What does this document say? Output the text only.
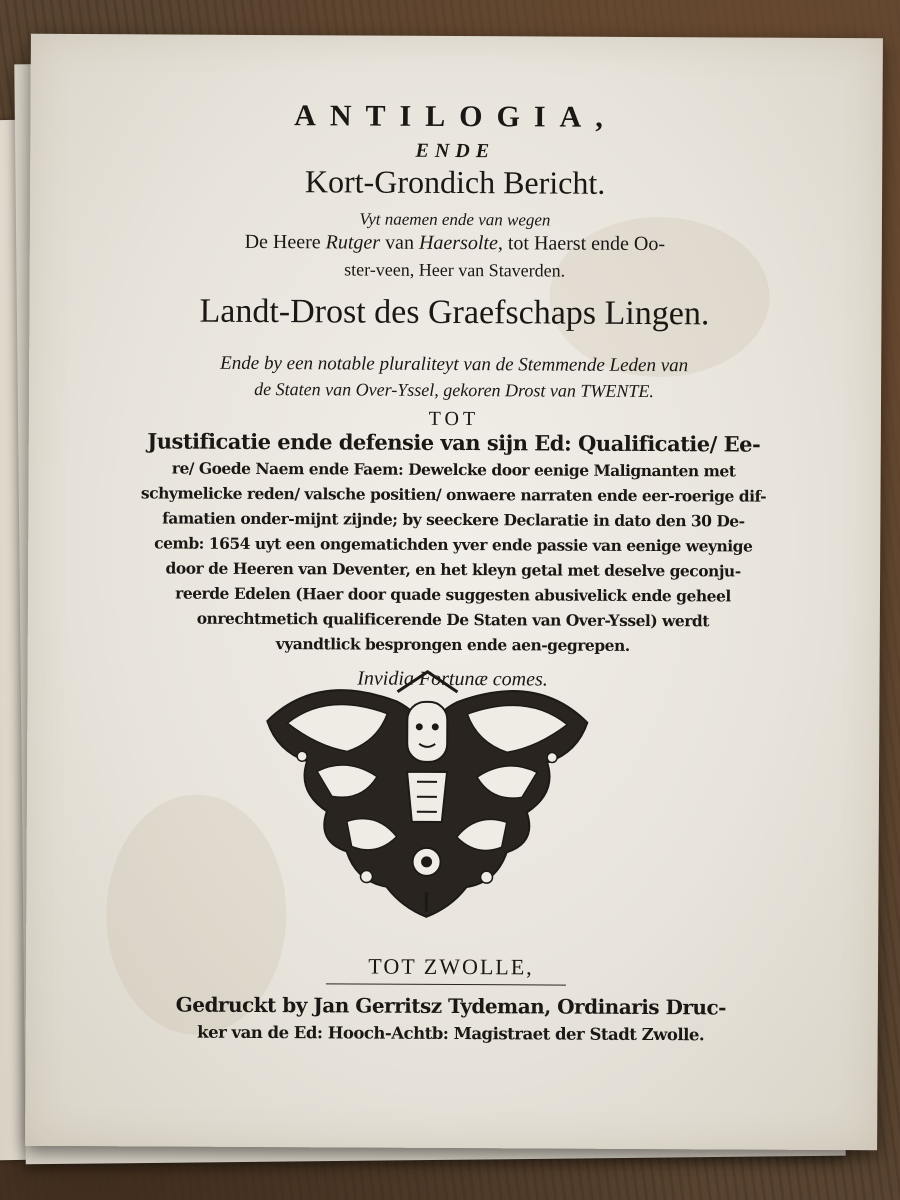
ANTILOGIA,
ENDE
Kort-Grondich Bericht.
Vyt naemen ende van wegen
De Heere Rutger van Haersolte, tot Haerst ende Oo-
ster-veen, Heer van Staverden.
Landt-Drost des Graefschaps Lingen.
Ende by een notable pluraliteyt van de Stemmende Leden van
de Staten van Over-Yssel, gekoren Drost van TWENTE.
TOT
Justificatie ende defensie van sijn Ed: Qualificatie/ Ee-
re/ Goede Naem ende Faem: Dewelcke door eenige Malignanten met
schymelicke reden/ valsche positien/ onwaere narraten ende eer-roerige dif-
famatien onder-mijnt zijnde; by seeckere Declaratie in dato den 30 De-
cemb: 1654 uyt een ongematichden yver ende passie van eenige weynige
door de Heeren van Deventer, en het kleyn getal met deselve geconju-
reerde Edelen (Haer door quade suggesten abusivelick ende geheel
onrechtmetich qualificerende De Staten van Over-Yssel) werdt
vyandtlick besprongen ende aen-gegrepen.
Invidia Fortunæ comes.
TOT ZWOLLE,
Gedruckt by Jan Gerritsz Tydeman, Ordinaris Druc-
ker van de Ed: Hooch-Achtb: Magistraet der Stadt Zwolle.
